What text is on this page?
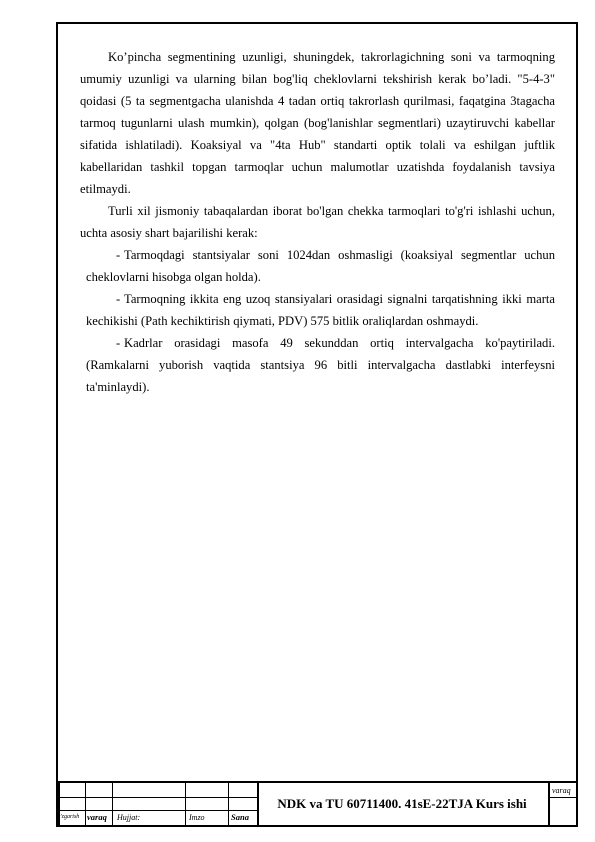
Ko’pincha segmentining uzunligi, shuningdek, takrorlagichning soni va tarmoqning umumiy uzunligi va ularning bilan bog'liq cheklovlarni tekshirish kerak bo’ladi. "5-4-3" qoidasi (5 ta segmentgacha ulanishda 4 tadan ortiq takrorlash qurilmasi, faqatgina 3tagacha tarmoq tugunlarni ulash mumkin), qolgan (bog'lanishlar segmentlari) uzaytiruvchi kabellar sifatida ishlatiladi). Koaksiyal va "4ta Hub" standarti optik tolali va eshilgan juftlik kabellaridan tashkil topgan tarmoqlar uchun malumotlar uzatishda foydalanish tavsiya etilmaydi.

Turli xil jismoniy tabaqalardan iborat bo'lgan chekka tarmoqlari to'g'ri ishlashi uchun, uchta asosiy shart bajarilishi kerak:

- Tarmoqdagi stantsiyalar soni 1024dan oshmasligi (koaksiyal segmentlar uchun cheklovlarni hisobga olgan holda).

- Tarmoqning ikkita eng uzoq stansiyalari orasidagi signalni tarqatishning ikki marta kechikishi (Path kechiktirish qiymati, PDV) 575 bitlik oraliqlardan oshmaydi.

- Kadrlar orasidagi masofa 49 sekunddan ortiq intervalgacha ko'paytiriladi. (Ramkalarni yuborish vaqtida stantsiya 96 bitli intervalgacha dastlabki interfeysni ta'minlaydi).

O'zgarish varaq Hujjat:	Imzo	Sana
NDK va TU 60711400. 41sE-22TJA Kurs ishi
varaq
